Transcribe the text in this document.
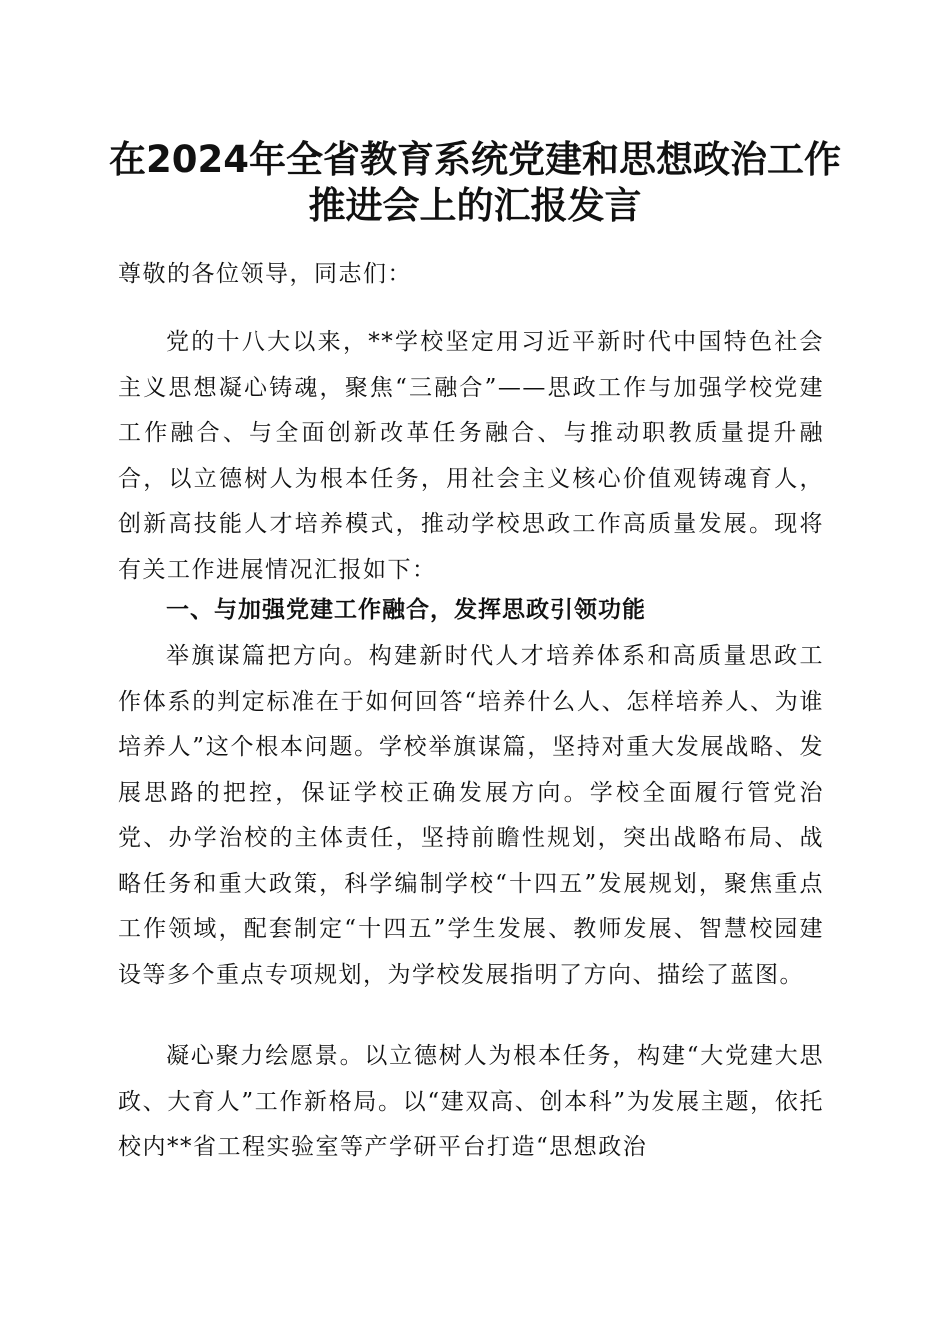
在2024年全省教育系统党建和思想政治工作
推进会上的汇报发言
尊敬的各位领导，同志们：
党的十八大以来，**学校坚定用习近平新时代中国特色社会主义思想凝心铸魂，聚焦“三融合”——思政工作与加强学校党建工作融合、与全面创新改革任务融合、与推动职教质量提升融合，以立德树人为根本任务，用社会主义核心价值观铸魂育人，创新高技能人才培养模式，推动学校思政工作高质量发展。现将有关工作进展情况汇报如下：
一、与加强党建工作融合，发挥思政引领功能
举旗谋篇把方向。构建新时代人才培养体系和高质量思政工作体系的判定标准在于如何回答“培养什么人、怎样培养人、为谁培养人”这个根本问题。学校举旗谋篇，坚持对重大发展战略、发展思路的把控，保证学校正确发展方向。学校全面履行管党治党、办学治校的主体责任，坚持前瞻性规划，突出战略布局、战略任务和重大政策，科学编制学校“十四五”发展规划，聚焦重点工作领域，配套制定“十四五”学生发展、教师发展、智慧校园建设等多个重点专项规划，为学校发展指明了方向、描绘了蓝图。
凝心聚力绘愿景。以立德树人为根本任务，构建“大党建大思政、大育人”工作新格局。以“建双高、创本科”为发展主题，依托校内**省工程实验室等产学研平台打造“思想政治
